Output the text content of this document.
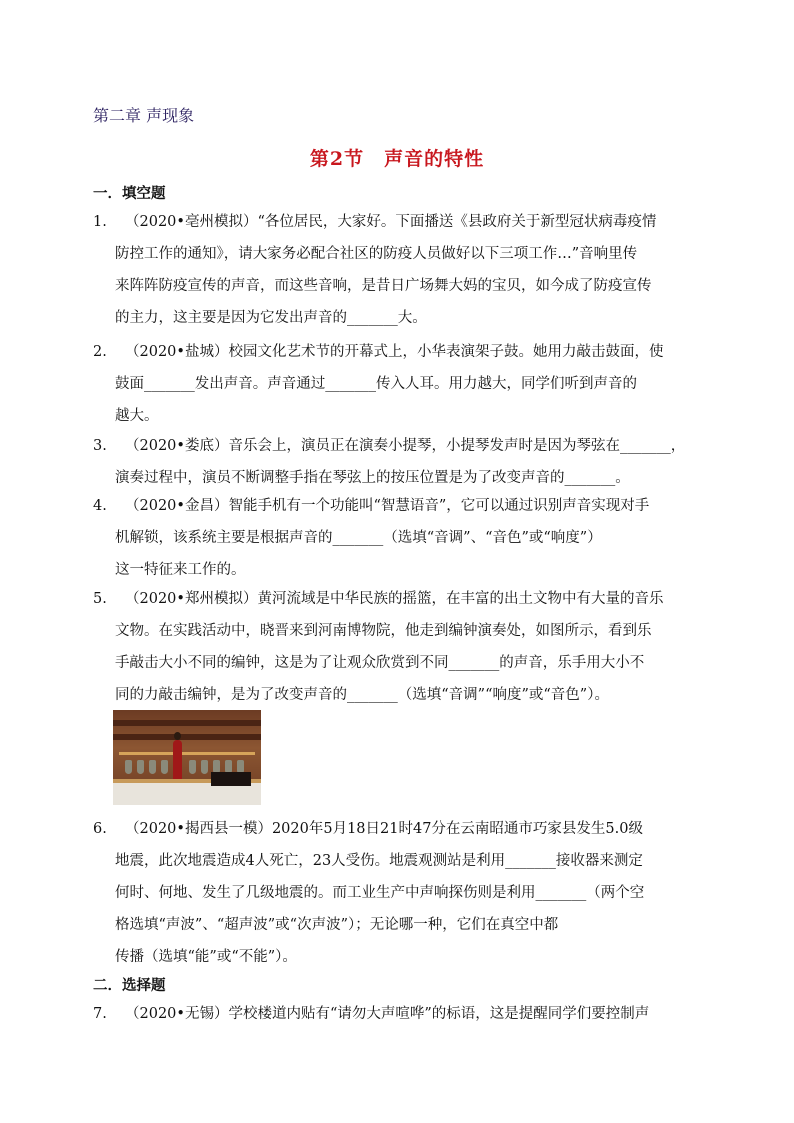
第二章 声现象
第2节　声音的特性
一．填空题
1.	（2020•亳州模拟）“各位居民，大家好。下面播送《县政府关于新型冠状病毒疫情
防控工作的通知》，请大家务必配合社区的防疫人员做好以下三项工作…”音响里传
来阵阵防疫宣传的声音，而这些音响，是昔日广场舞大妈的宝贝，如今成了防疫宣传
的主力，这主要是因为它发出声音的_______大。
2.	（2020•盐城）校园文化艺术节的开幕式上，小华表演架子鼓。她用力敲击鼓面，使
鼓面_______发出声音。声音通过_______传入人耳。用力越大，同学们听到声音的
越大。
3.	（2020•娄底）音乐会上，演员正在演奏小提琴，小提琴发声时是因为琴弦在_______，
演奏过程中，演员不断调整手指在琴弦上的按压位置是为了改变声音的_______。
4.	（2020•金昌）智能手机有一个功能叫“智慧语音”，它可以通过识别声音实现对手
机解锁，该系统主要是根据声音的_______（选填“音调”、“音色”或“响度”）
这一特征来工作的。
5.	（2020•郑州模拟）黄河流域是中华民族的摇篮，在丰富的出土文物中有大量的音乐
文物。在实践活动中，晓晋来到河南博物院，他走到编钟演奏处，如图所示，看到乐
手敲击大小不同的编钟，这是为了让观众欣赏到不同_______的声音，乐手用大小不
同的力敲击编钟，是为了改变声音的_______（选填“音调”“响度”或“音色”）。
6.	（2020•揭西县一模）2020年5月18日21时47分在云南昭通市巧家县发生5.0级
地震，此次地震造成4人死亡，23人受伤。地震观测站是利用_______接收器来测定
何时、何地、发生了几级地震的。而工业生产中声响探伤则是利用_______（两个空
格选填“声波”、“超声波”或“次声波”）；无论哪一种，它们在真空中都
传播（选填“能”或“不能”）。
二．选择题
7.	（2020•无锡）学校楼道内贴有“请勿大声喧哗”的标语，这是提醒同学们要控制声
